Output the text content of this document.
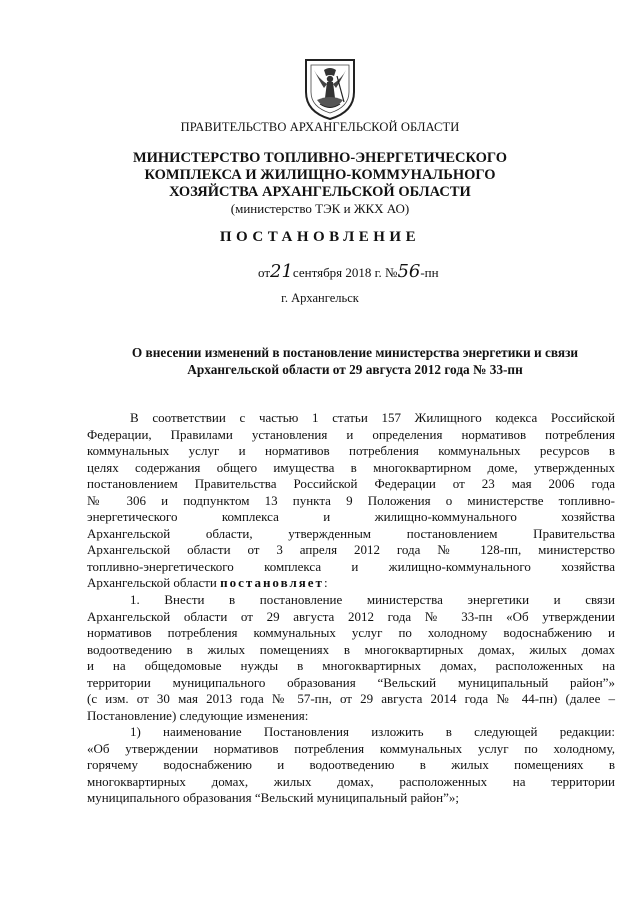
ПРАВИТЕЛЬСТВО АРХАНГЕЛЬСКОЙ ОБЛАСТИ
МИНИСТЕРСТВО ТОПЛИВНО-ЭНЕРГЕТИЧЕСКОГО
КОМПЛЕКСА И ЖИЛИЩНО-КОММУНАЛЬНОГО
ХОЗЯЙСТВА АРХАНГЕЛЬСКОЙ ОБЛАСТИ
(министерство ТЭК и ЖКХ АО)
ПОСТАНОВЛЕНИЕ
от21сентября 2018 г. №56-пн
г. Архангельск
О внесении изменений в постановление министерства энергетики и связи
Архангельской области от 29 августа 2012 года № 33-пн
В соответствии с частью 1 статьи 157 Жилищного кодекса Российской
Федерации, Правилами установления и определения нормативов потребления
коммунальных услуг и нормативов потребления коммунальных ресурсов в
целях содержания общего имущества в многоквартирном доме, утвержденных
постановлением Правительства Российской Федерации от 23 мая 2006 года
№ 306 и подпунктом 13 пункта 9 Положения о министерстве топливно-
энергетического комплекса и жилищно-коммунального хозяйства
Архангельской области, утвержденным постановлением Правительства
Архангельской области от 3 апреля 2012 года № 128-пп, министерство
топливно-энергетического комплекса и жилищно-коммунального хозяйства
Архангельской области постановляет:
1. Внести в постановление министерства энергетики и связи
Архангельской области от 29 августа 2012 года № 33-пн «Об утверждении
нормативов потребления коммунальных услуг по холодному водоснабжению и
водоотведению в жилых помещениях в многоквартирных домах, жилых домах
и на общедомовые нужды в многоквартирных домах, расположенных на
территории муниципального образования “Вельский муниципальный район”»
(с изм. от 30 мая 2013 года № 57-пн, от 29 августа 2014 года № 44-пн) (далее –
Постановление) следующие изменения:
1) наименование Постановления изложить в следующей редакции:
«Об утверждении нормативов потребления коммунальных услуг по холодному,
горячему водоснабжению и водоотведению в жилых помещениях в
многоквартирных домах, жилых домах, расположенных на территории
муниципального образования “Вельский муниципальный район”»;
